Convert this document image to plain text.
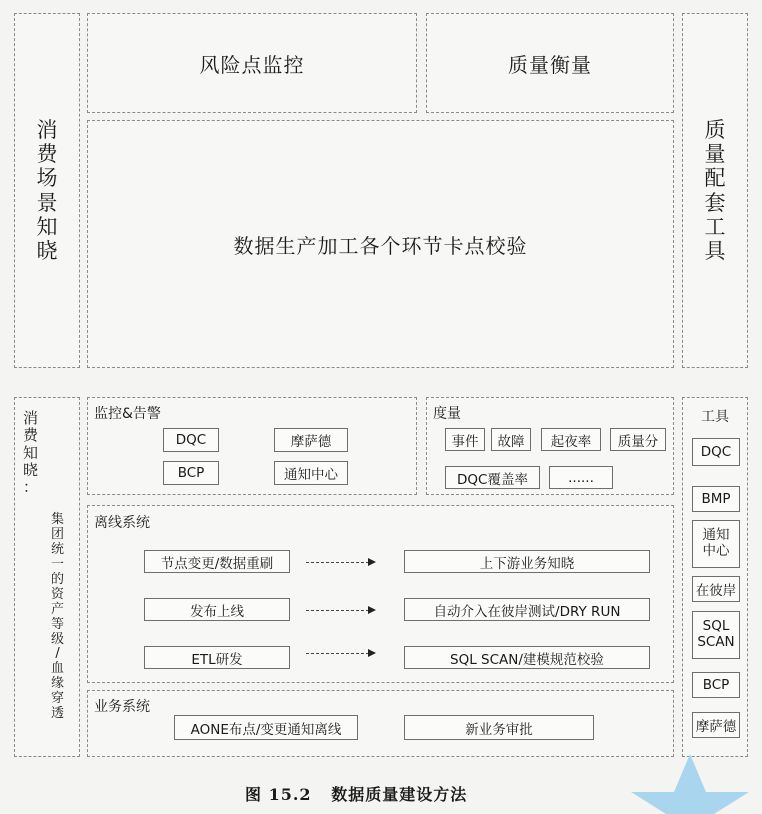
消
费
场
景
知
晓
风险点监控	质量衡量
数据生产加工各个环节卡点校验
质
量
配
套
工
具
消
费
知
晓
：
集
团
统
一
的
资
产
等
级
/
血
缘
穿
透
监控&告警
DQC	摩萨德
BCP	通知中心
度量
事件 故障 起夜率 质量分
DQC覆盖率	......
离线系统
节点变更/数据重刷	上下游业务知晓
发布上线	自动介入在彼岸测试/DRY RUN
ETL研发	SQL SCAN/建模规范校验
业务系统
AONE布点/变更通知离线	新业务审批
工具
DQC
BMP
通知中心
在彼岸
SQL SCAN
BCP
摩萨德
图 15.2   数据质量建设方法
